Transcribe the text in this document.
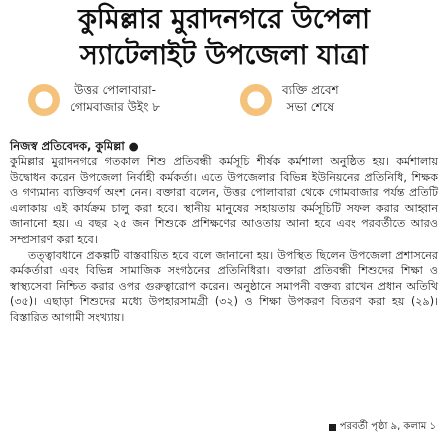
কুমিল্লার মুরাদনগরে উপেলা
স্যাটেলাইট উপজেলা যাত্রা
উত্তর পোলাবারা-
গোমবাজার উইং ৮
ব্যক্তি প্রবেশ
সভা শেষে
নিজস্ব প্রতিবেদক, কুমিল্লা ●

কুমিল্লার মুরাদনগরে গতকাল শিশু প্রতিবন্ধী কর্মসূচি শীর্ষক কর্মশালা অনুষ্ঠিত হয়। কর্মশালায় উদ্বোধন করেন উপজেলা নির্বাহী কর্মকর্তা। এতে উপজেলার বিভিন্ন ইউনিয়নের প্রতিনিধি, শিক্ষক ও গণ্যমান্য ব্যক্তিবর্গ অংশ নেন। বক্তারা বলেন, উত্তর পোলাবারা থেকে গোমবাজার পর্যন্ত প্রতিটি এলাকায় এই কার্যক্রম চালু করা হবে। স্থানীয় মানুষের সহায়তায় কর্মসূচিটি সফল করার আহ্বান জানানো হয়। এ বছর ২৫ জন শিশুকে প্রশিক্ষণের আওতায় আনা হবে এবং পরবর্তীতে আরও সম্প্রসারণ করা হবে।

তত্ত্বাবধানে প্রকল্পটি বাস্তবায়িত হবে বলে জানানো হয়। উপস্থিত ছিলেন উপজেলা প্রশাসনের কর্মকর্তারা এবং বিভিন্ন সামাজিক সংগঠনের প্রতিনিধিরা। বক্তারা প্রতিবন্ধী শিশুদের শিক্ষা ও স্বাস্থ্যসেবা নিশ্চিত করার ওপর গুরুত্বারোপ করেন। অনুষ্ঠানে সমাপনী বক্তব্য রাখেন প্রধান অতিথি (৩৫)। এছাড়া শিশুদের মধ্যে উপহারসামগ্রী (৩২) ও শিক্ষা উপকরণ বিতরণ করা হয় (২৯)। বিস্তারিত আগামী সংখ্যায়।

পরবর্তী পৃষ্ঠা ৯, কলাম ১
